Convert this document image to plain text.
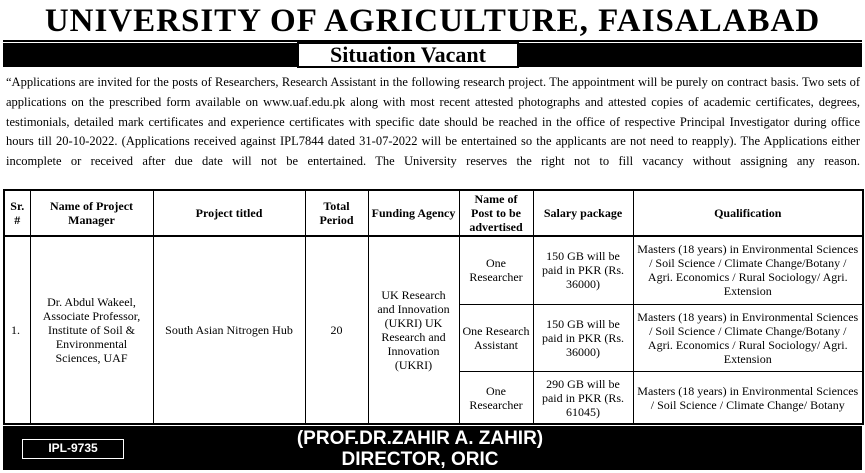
UNIVERSITY OF AGRICULTURE, FAISALABAD
Situation Vacant
“Applications are invited for the posts of Researchers, Research Assistant in the following research project. The appointment will be purely on contract basis. Two sets of applications on the prescribed form available on www.uaf.edu.pk along with most recent attested photographs and attested copies of academic certificates, degrees, testimonials, detailed mark certificates and experience certificates with specific date should be reached in the office of respective Principal Investigator during office hours till 20-10-2022. (Applications received against IPL7844 dated 31-07-2022 will be entertained so the applicants are not need to reapply). The Applications either incomplete or received after due date will not be entertained. The University reserves the right not to fill vacancy without assigning any reason.
Sr. #	Name of Project Manager	Project titled	Total Period	Funding Agency	Name of Post to be advertised	Salary package	Qualification
1.	Dr. Abdul Wakeel, Associate Professor, Institute of Soil & Environmental Sciences, UAF	South Asian Nitrogen Hub	20	UK Research and Innovation (UKRI) UK Research and Innovation (UKRI)	One Researcher	150 GB will be paid in PKR (Rs. 36000)	Masters (18 years) in Environmental Sciences / Soil Science / Climate Change/Botany / Agri. Economics / Rural Sociology/ Agri. Extension
					One Research Assistant	150 GB will be paid in PKR (Rs. 36000)	Masters (18 years) in Environmental Sciences / Soil Science / Climate Change/Botany / Agri. Economics / Rural Sociology/ Agri. Extension
					One Researcher	290 GB will be paid in PKR (Rs. 61045)	Masters (18 years) in Environmental Sciences / Soil Science / Climate Change/ Botany
IPL-9735	(PROF.DR.ZAHIR A. ZAHIR)
DIRECTOR, ORIC
